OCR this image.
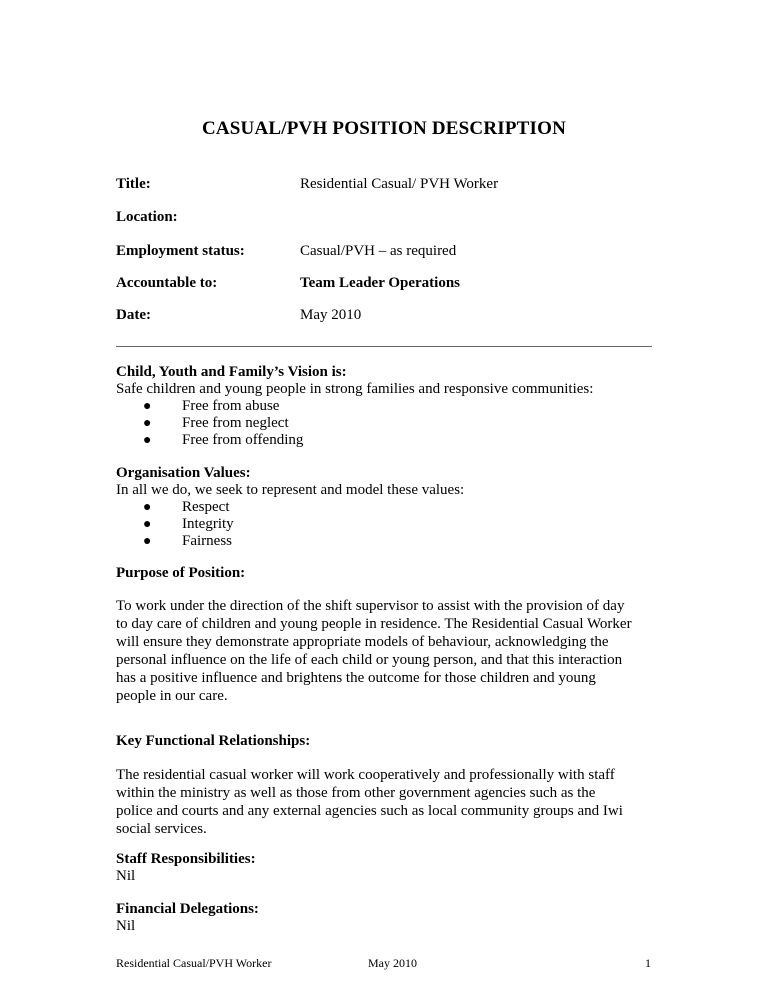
CASUAL/PVH POSITION DESCRIPTION
Title:	Residential Casual/ PVH Worker
Location:
Employment status:	Casual/PVH – as required
Accountable to:	Team Leader Operations
Date:	May 2010
Child, Youth and Family’s Vision is:
Safe children and young people in strong families and responsive communities:
● Free from abuse
● Free from neglect
● Free from offending
Organisation Values:
In all we do, we seek to represent and model these values:
● Respect
● Integrity
● Fairness
Purpose of Position:
To work under the direction of the shift supervisor to assist with the provision of day
to day care of children and young people in residence. The Residential Casual Worker
will ensure they demonstrate appropriate models of behaviour, acknowledging the
personal influence on the life of each child or young person, and that this interaction
has a positive influence and brightens the outcome for those children and young
people in our care.
Key Functional Relationships:
The residential casual worker will work cooperatively and professionally with staff
within the ministry as well as those from other government agencies such as the
police and courts and any external agencies such as local community groups and Iwi
social services.
Staff Responsibilities:
Nil
Financial Delegations:
Nil
Residential Casual/PVH Worker	May 2010	1
